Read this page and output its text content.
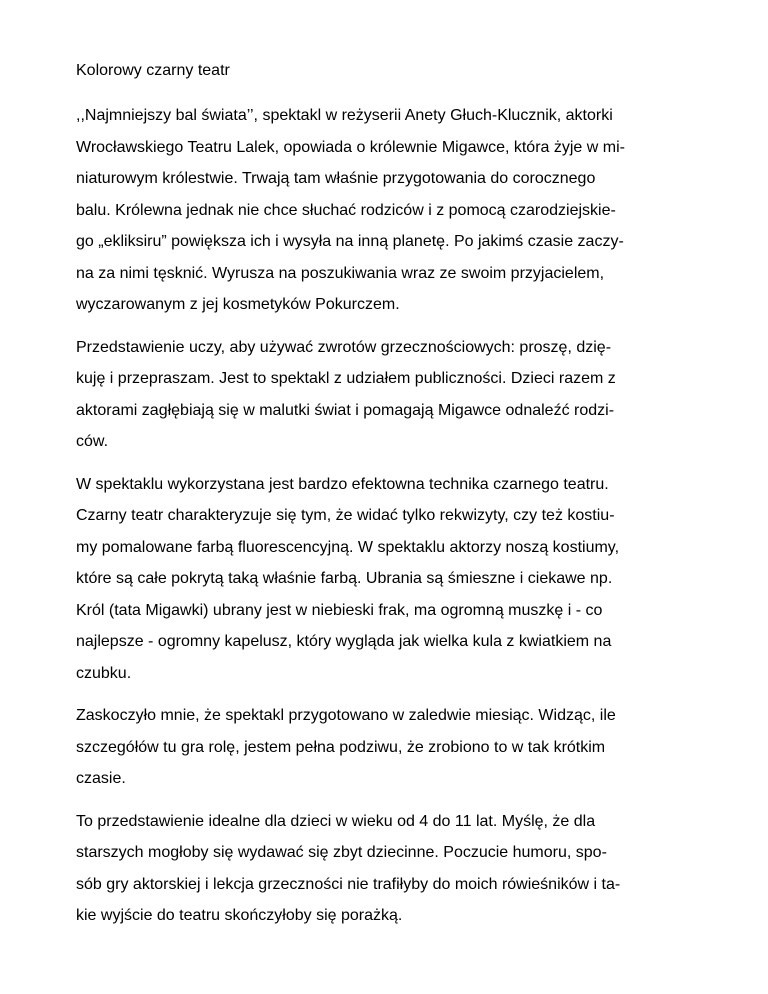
Kolorowy czarny teatr
,,Najmniejszy bal świata’’, spektakl w reżyserii Anety Głuch-Klucznik, aktorki
Wrocławskiego Teatru Lalek, opowiada o królewnie Migawce, która żyje w mi-
niaturowym królestwie. Trwają tam właśnie przygotowania do corocznego
balu. Królewna jednak nie chce słuchać rodziców i z pomocą czarodziejskie-
go „ekliksiru” powiększa ich i wysyła na inną planetę. Po jakimś czasie zaczy-
na za nimi tęsknić. Wyrusza na poszukiwania wraz ze swoim przyjacielem,
wyczarowanym z jej kosmetyków Pokurczem.
Przedstawienie uczy, aby używać zwrotów grzecznościowych: proszę, dzię-
kuję i przepraszam. Jest to spektakl z udziałem publiczności. Dzieci razem z
aktorami zagłębiają się w malutki świat i pomagają Migawce odnaleźć rodzi-
ców.
W spektaklu wykorzystana jest bardzo efektowna technika czarnego teatru.
Czarny teatr charakteryzuje się tym, że widać tylko rekwizyty, czy też kostiu-
my pomalowane farbą fluorescencyjną. W spektaklu aktorzy noszą kostiumy,
które są całe pokrytą taką właśnie farbą. Ubrania są śmieszne i ciekawe np.
Król (tata Migawki) ubrany jest w niebieski frak, ma ogromną muszkę i - co
najlepsze - ogromny kapelusz, który wygląda jak wielka kula z kwiatkiem na
czubku.
Zaskoczyło mnie, że spektakl przygotowano w zaledwie miesiąc. Widząc, ile
szczegółów tu gra rolę, jestem pełna podziwu, że zrobiono to w tak krótkim
czasie.
To przedstawienie idealne dla dzieci w wieku od 4 do 11 lat. Myślę, że dla
starszych mogłoby się wydawać się zbyt dziecinne. Poczucie humoru, spo-
sób gry aktorskiej i lekcja grzeczności nie trafiłyby do moich rówieśników i ta-
kie wyjście do teatru skończyłoby się porażką.
